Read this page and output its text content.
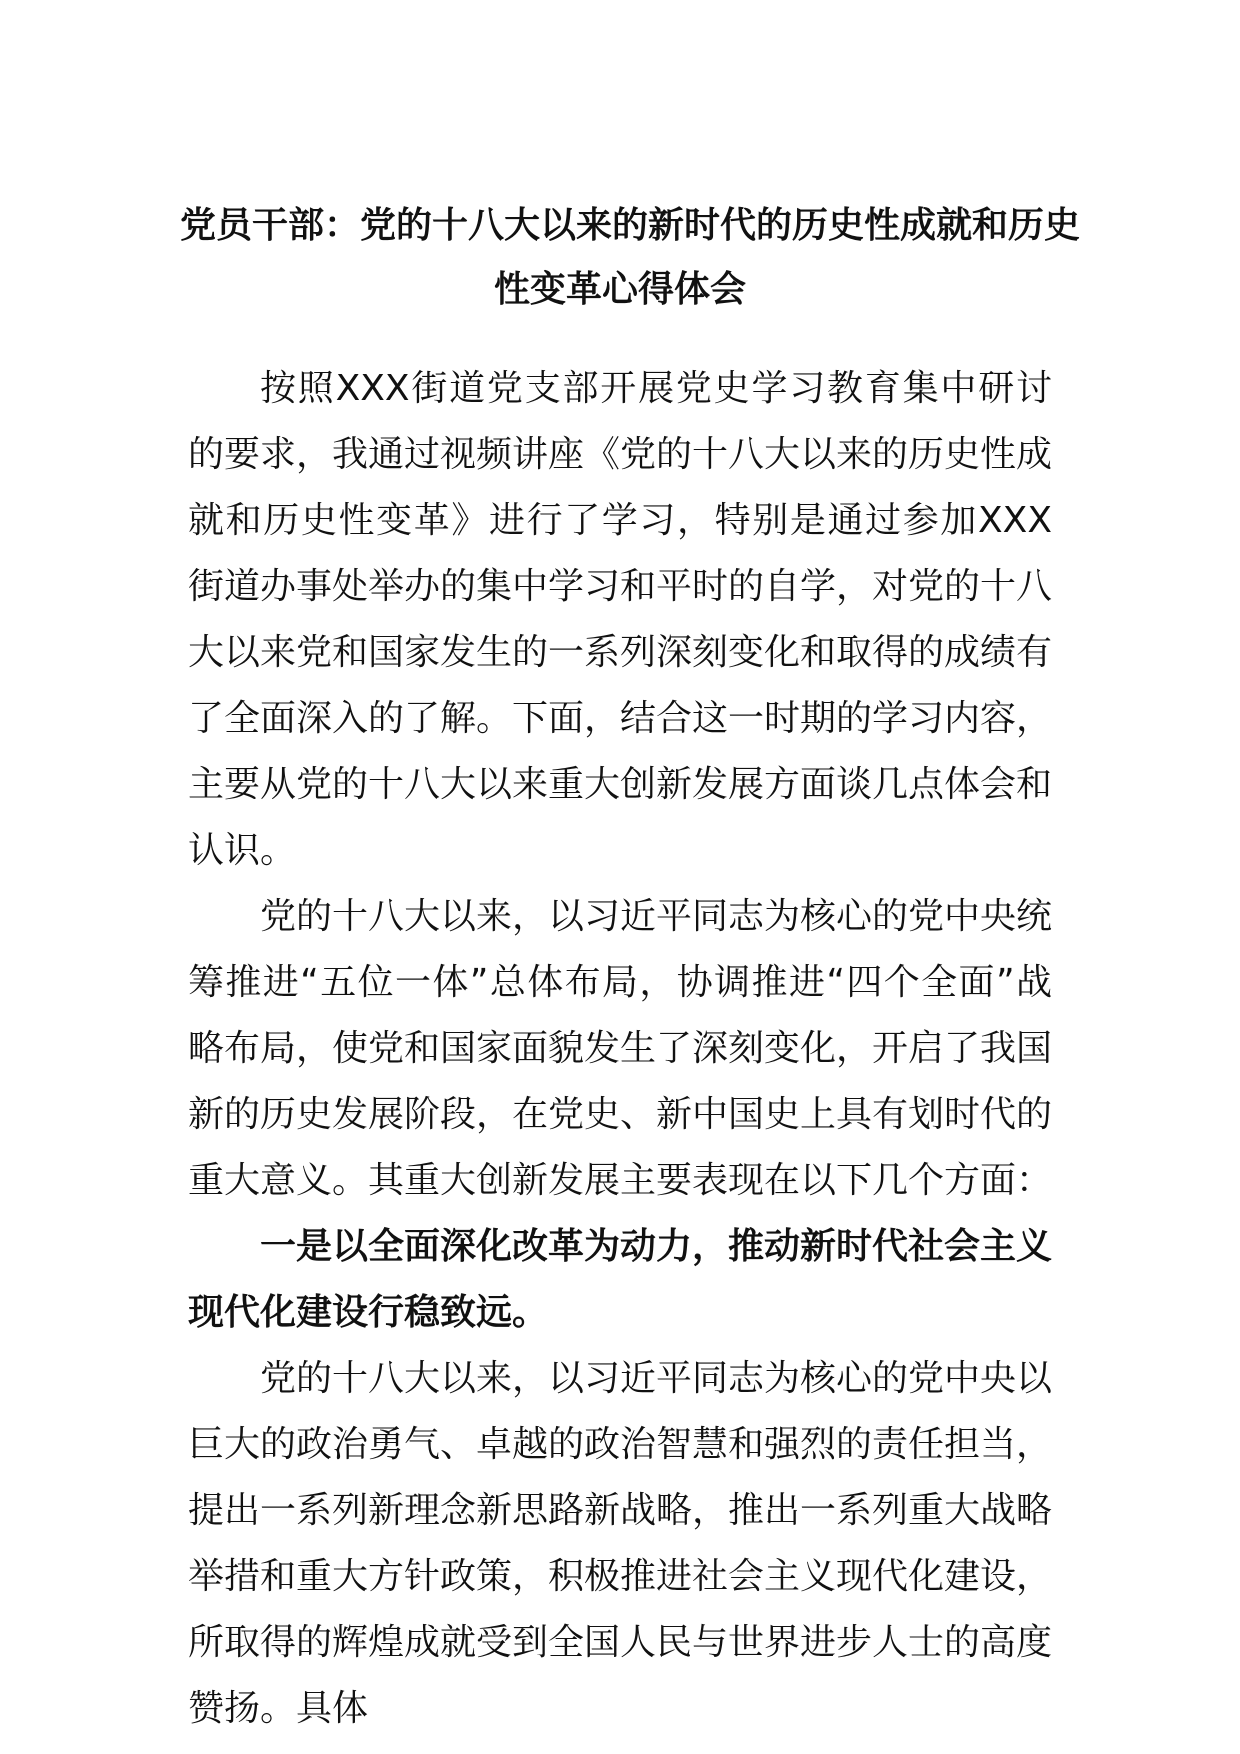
党员干部：党的十八大以来的新时代的历史性成就和历史
性变革心得体会

按照XXX街道党支部开展党史学习教育集中研讨的要求，我通过视频讲座《党的十八大以来的历史性成就和历史性变革》进行了学习，特别是通过参加XXX街道办事处举办的集中学习和平时的自学，对党的十八大以来党和国家发生的一系列深刻变化和取得的成绩有了全面深入的了解。下面，结合这一时期的学习内容，主要从党的十八大以来重大创新发展方面谈几点体会和认识。

党的十八大以来，以习近平同志为核心的党中央统筹推进“五位一体”总体布局，协调推进“四个全面”战略布局，使党和国家面貌发生了深刻变化，开启了我国新的历史发展阶段，在党史、新中国史上具有划时代的重大意义。其重大创新发展主要表现在以下几个方面：

一是以全面深化改革为动力，推动新时代社会主义现代化建设行稳致远。

党的十八大以来，以习近平同志为核心的党中央以巨大的政治勇气、卓越的政治智慧和强烈的责任担当，提出一系列新理念新思路新战略，推出一系列重大战略举措和重大方针政策，积极推进社会主义现代化建设，所取得的辉煌成就受到全国人民与世界进步人士的高度赞扬。具体
